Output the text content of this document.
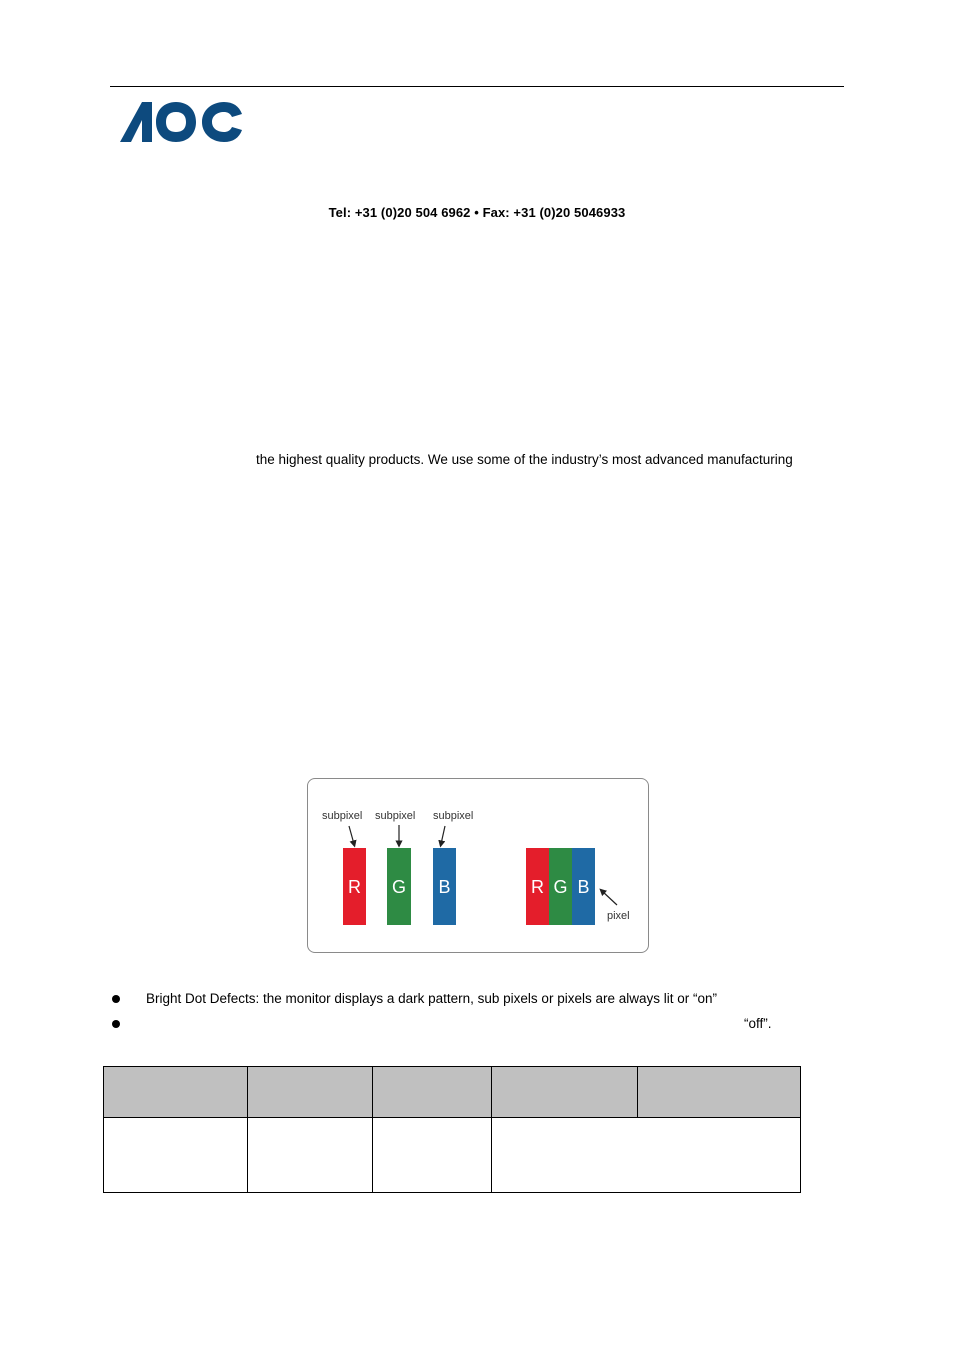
AOC
Tel: +31 (0)20 504 6962 • Fax: +31 (0)20 5046933
the highest quality products. We use some of the industry’s most advanced manufacturing
subpixel subpixel subpixel
R G B	R G B
pixel
Bright Dot Defects: the monitor displays a dark pattern, sub pixels or pixels are always lit or “on”
“off”.
